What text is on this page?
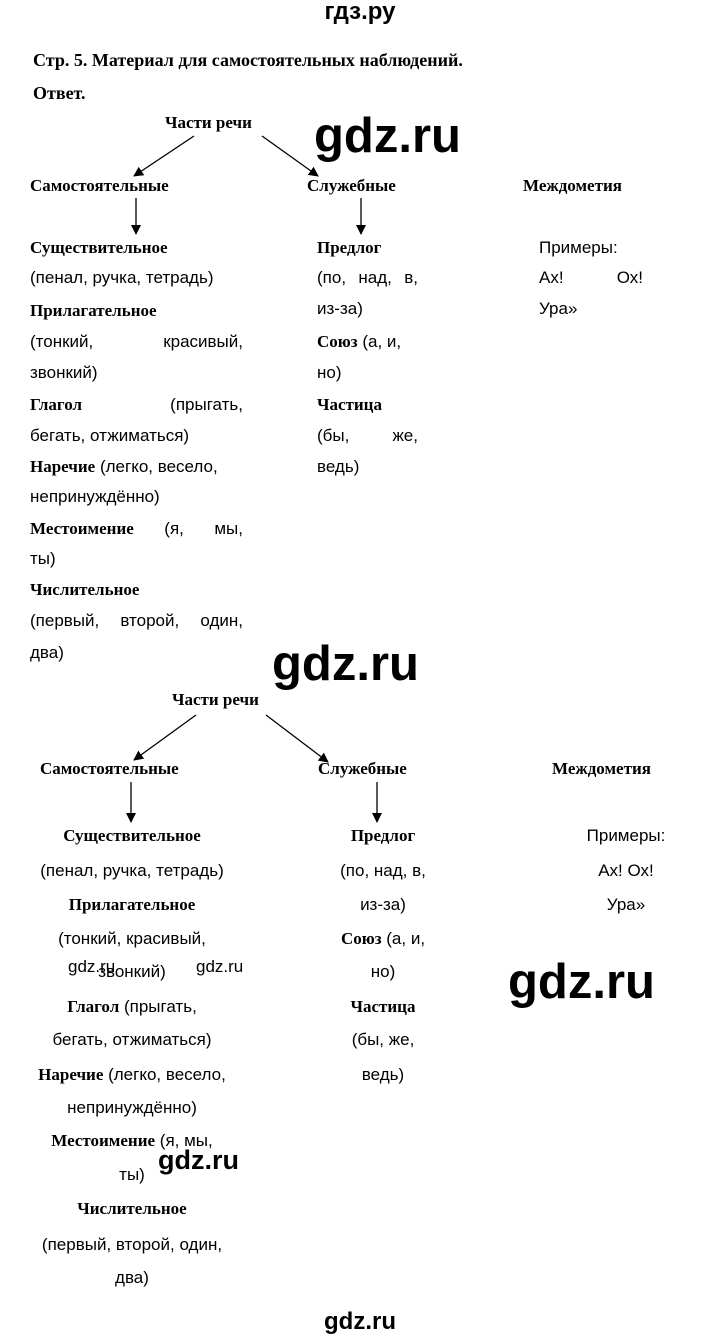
гдз.ру
Стр. 5. Материал для самостоятельных наблюдений.
Ответ.
Части речи
Самостоятельные	Служебные	Междометия
Существительное
(пенал, ручка, тетрадь)
Прилагательное
(тонкий,	красивый,
звонкий)
Глагол	(прыгать,
бегать, отжиматься)
Наречие (легко, весело,
непринуждённо)
Местоимение (я, мы,
ты)
Числительное
(первый, второй, один,
два)
Предлог
(по, над, в,
из-за)
Союз (а, и,
но)
Частица
(бы,	же,
ведь)
Примеры:
Ах!	Ох!
Ура»
Части речи
Самостоятельные	Служебные	Междометия
Существительное
(пенал, ручка, тетрадь)
Прилагательное
(тонкий, красивый,
звонкий)
Глагол (прыгать,
бегать, отжиматься)
Наречие (легко, весело,
непринуждённо)
Местоимение (я, мы,
ты)
Числительное
(первый, второй, один,
два)
Предлог
(по, над, в,
из-за)
Союз (а, и,
но)
Частица
(бы, же,
ведь)
Примеры:
Ах! Ох!
Ура»
gdz.ru
gdz.ru
gdz.ru
gdz.ru	gdz.ru
gdz.ru
gdz.ru
